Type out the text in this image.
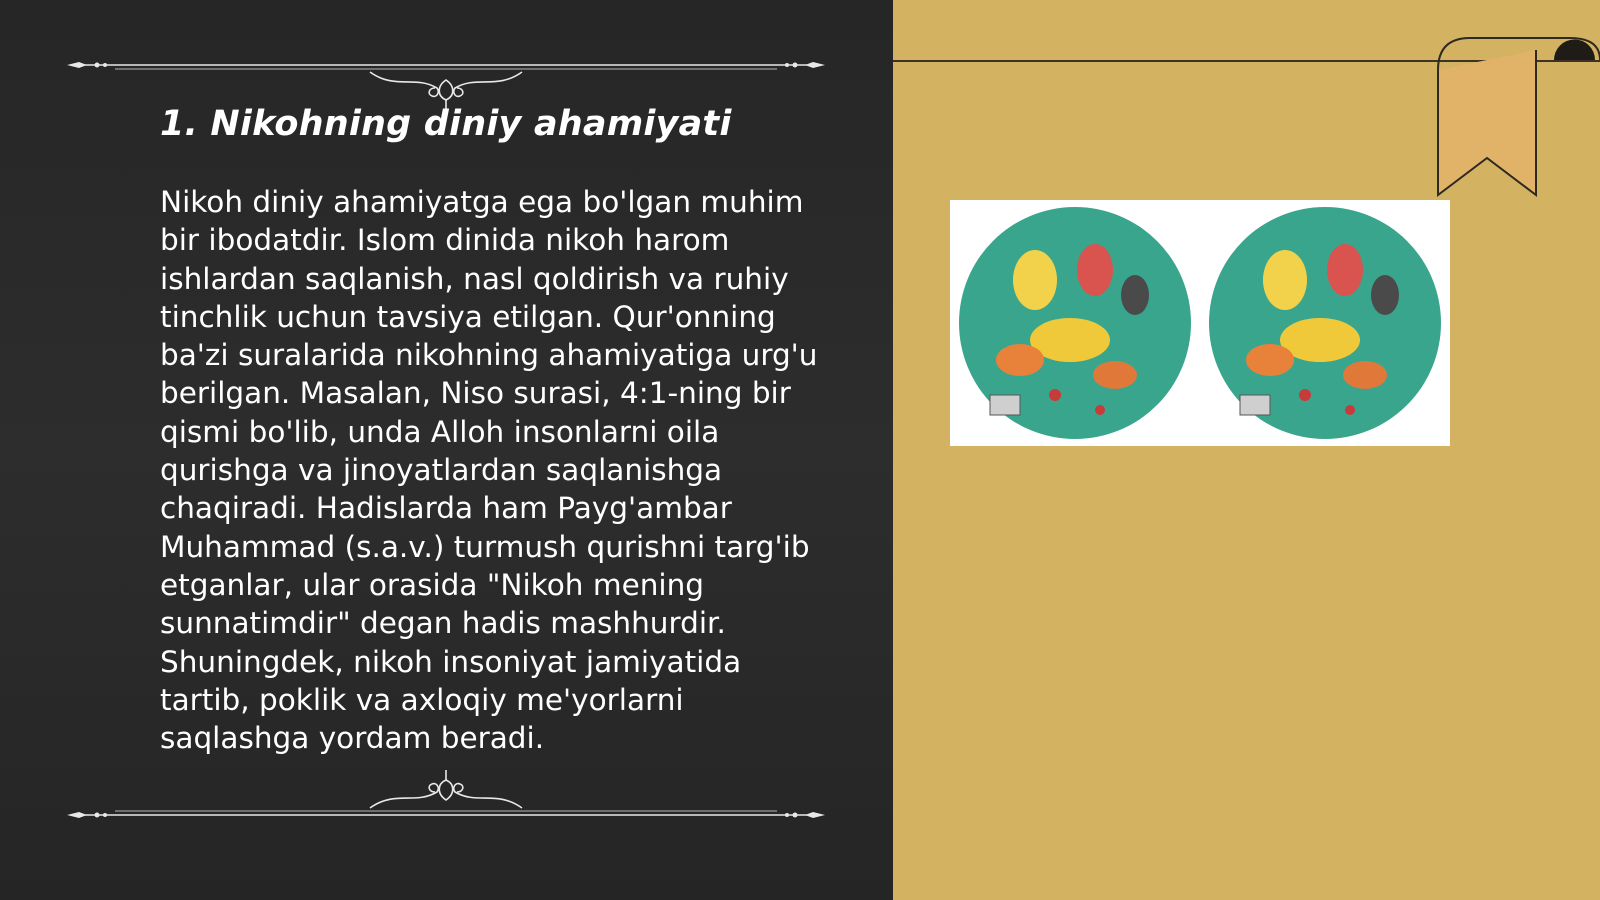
1. Nikohning diniy ahamiyati
Nikoh diniy ahamiyatga ega bo'lgan muhim
bir ibodatdir. Islom dinida nikoh harom
ishlardan saqlanish, nasl qoldirish va ruhiy
tinchlik uchun tavsiya etilgan. Qur'onning
ba'zi suralarida nikohning ahamiyatiga urg'u
berilgan. Masalan, Niso surasi, 4:1-ning bir
qismi bo'lib, unda Alloh insonlarni oila
qurishga va jinoyatlardan saqlanishga
chaqiradi. Hadislarda ham Payg'ambar
Muhammad (s.a.v.) turmush qurishni targ'ib
etganlar, ular orasida "Nikoh mening
sunnatimdir" degan hadis mashhurdir.
Shuningdek, nikoh insoniyat jamiyatida
tartib, poklik va axloqiy me'yorlarni
saqlashga yordam beradi.
